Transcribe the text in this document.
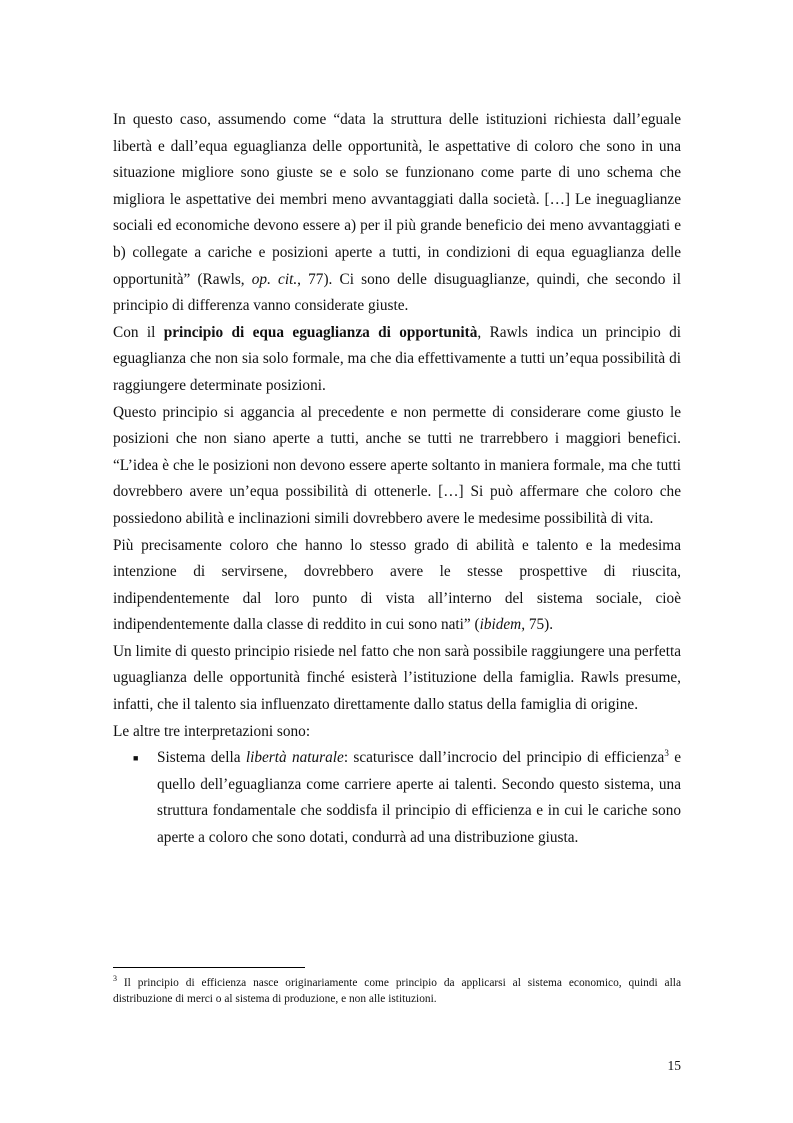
In questo caso, assumendo come “data la struttura delle istituzioni richiesta dall’eguale libertà e dall’equa eguaglianza delle opportunità, le aspettative di coloro che sono in una situazione migliore sono giuste se e solo se funzionano come parte di uno schema che migliora le aspettative dei membri meno avvantaggiati dalla società. […] Le ineguaglianze sociali ed economiche devono essere a) per il più grande beneficio dei meno avvantaggiati e b) collegate a cariche e posizioni aperte a tutti, in condizioni di equa eguaglianza delle opportunità” (Rawls, op. cit., 77). Ci sono delle disuguaglianze, quindi, che secondo il principio di differenza vanno considerate giuste.

Con il principio di equa eguaglianza di opportunità, Rawls indica un principio di eguaglianza che non sia solo formale, ma che dia effettivamente a tutti un’equa possibilità di raggiungere determinate posizioni.

Questo principio si aggancia al precedente e non permette di considerare come giusto le posizioni che non siano aperte a tutti, anche se tutti ne trarrebbero i maggiori benefici. “L’idea è che le posizioni non devono essere aperte soltanto in maniera formale, ma che tutti dovrebbero avere un’equa possibilità di ottenerle. […] Si può affermare che coloro che possiedono abilità e inclinazioni simili dovrebbero avere le medesime possibilità di vita.

Più precisamente coloro che hanno lo stesso grado di abilità e talento e la medesima intenzione di servirsene, dovrebbero avere le stesse prospettive di riuscita, indipendentemente dal loro punto di vista all’interno del sistema sociale, cioè indipendentemente dalla classe di reddito in cui sono nati” (ibidem, 75).

Un limite di questo principio risiede nel fatto che non sarà possibile raggiungere una perfetta uguaglianza delle opportunità finché esisterà l’istituzione della famiglia. Rawls presume, infatti, che il talento sia influenzato direttamente dallo status della famiglia di origine.

Le altre tre interpretazioni sono:

■ Sistema della libertà naturale: scaturisce dall’incrocio del principio di efficienza$^3$ e quello dell’eguaglianza come carriere aperte ai talenti. Secondo questo sistema, una struttura fondamentale che soddisfa il principio di efficienza e in cui le cariche sono aperte a coloro che sono dotati, condurrà ad una distribuzione giusta.
$^3$ Il principio di efficienza nasce originariamente come principio da applicarsi al sistema economico, quindi alla distribuzione di merci o al sistema di produzione, e non alle istituzioni.
15
